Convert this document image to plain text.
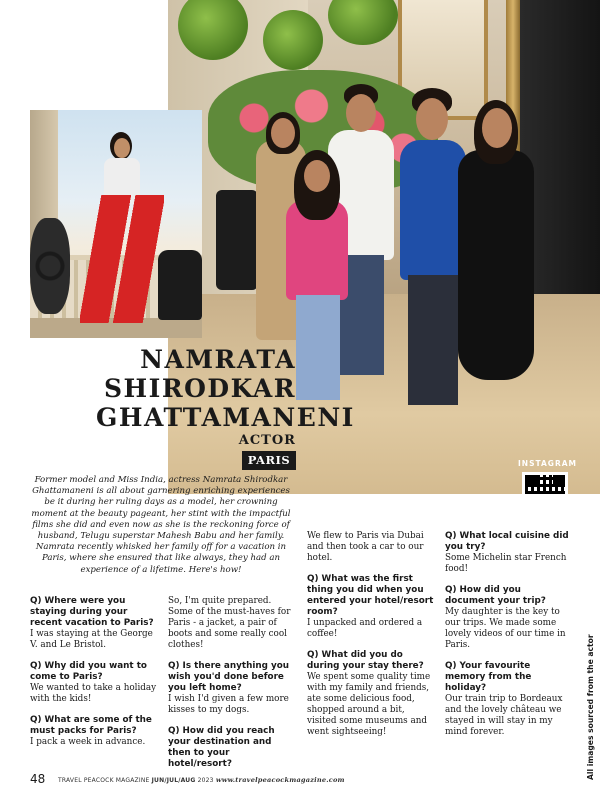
INSTAGRAM
NAMRATA
SHIRODKAR
GHATTAMANENI
ACTOR
PARIS
Former model and Miss India, actress Namrata Shirodkar Ghattamaneni is all about garnering enriching experiences be it during her ruling days as a model, her crowning moment at the beauty pageant, her stint with the impactful films she did and even now as she is the reckoning force of husband, Telugu superstar Mahesh Babu and her family. Namrata recently whisked her family off for a vacation in Paris, where she ensured that like always, they had an experience of a lifetime. Here's how!

Q) Where were you staying during your recent vacation to Paris?
I was staying at the George V. and Le Bristol.

Q) Why did you want to come to Paris?
We wanted to take a holiday with the kids!

Q) What are some of the must packs for Paris?
I pack a week in advance.

So, I'm quite prepared. Some of the must-haves for Paris - a jacket, a pair of boots and some really cool clothes!

Q) Is there anything you wish you'd done before you left home?
I wish I'd given a few more kisses to my dogs.

Q) How did you reach your destination and then to your hotel/resort?

We flew to Paris via Dubai and then took a car to our hotel.

Q) What was the first thing you did when you entered your hotel/resort room?
I unpacked and ordered a coffee!

Q) What did you do during your stay there?
We spent some quality time with my family and friends, ate some delicious food, shopped around a bit, visited some museums and went sightseeing!

Q) What local cuisine did you try?
Some Michelin star French food!

Q) How did you document your trip?
My daughter is the key to our trips. We made some lovely videos of our time in Paris.

Q) Your favourite memory from the holiday?
Our train trip to Bordeaux and the lovely château we stayed in will stay in my mind forever.	All images sourced from the actor
48 TRAVEL PEACOCK MAGAZINE JUN/JUL/AUG 2023 www.travelpeacockmagazine.com
